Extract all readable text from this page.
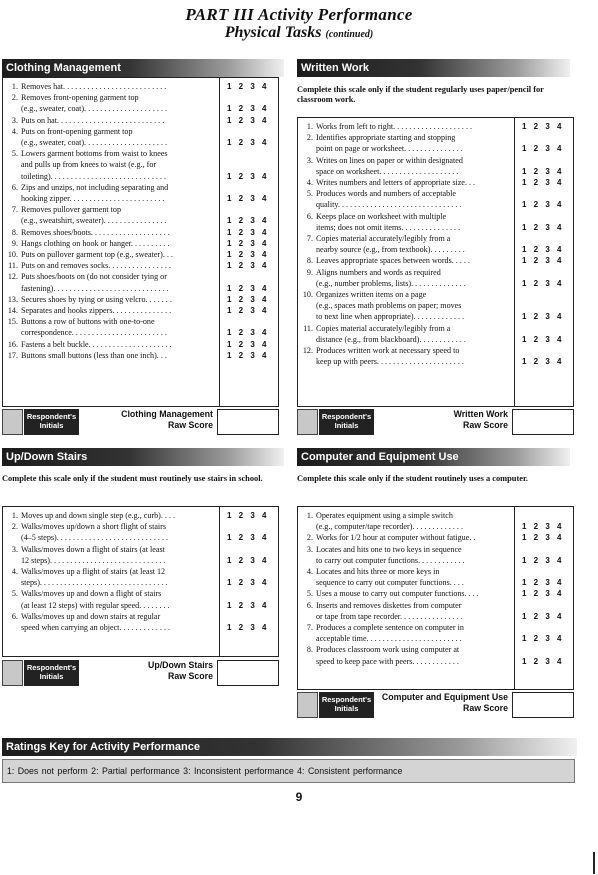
PART III Activity Performance
Physical Tasks (continued)
Clothing Management
1. Removes hat. . . . . . . . . . . . . . . . . . . . . . . . . .	1 2 3 4
2. Removes front-opening garment top
(e.g., sweater, coat). . . . . . . . . . . . . . . . . . . . .	1 2 3 4
3. Puts on hat. . . . . . . . . . . . . . . . . . . . . . . . . . .	1 2 3 4
4. Puts on front-opening garment top
(e.g., sweater, coat). . . . . . . . . . . . . . . . . . . . .	1 2 3 4
5. Lowers garment bottoms from waist to knees
and pulls up from knees to waist (e.g., for
toileting). . . . . . . . . . . . . . . . . . . . . . . . . . . . .	1 2 3 4
6. Zips and unzips, not including separating and
hooking zipper. . . . . . . . . . . . . . . . . . . . . . . .	1 2 3 4
7. Removes pullover garment top
(e.g., sweatshirt, sweater). . . . . . . . . . . . . . . .	1 2 3 4
8. Removes shoes/boots. . . . . . . . . . . . . . . . . . . .	1 2 3 4
9. Hangs clothing on hook or hanger. . . . . . . . . .	1 2 3 4
10. Puts on pullover garment top (e.g., sweater). . .	1 2 3 4
11. Puts on and removes socks. . . . . . . . . . . . . . . .	1 2 3 4
12. Puts shoes/boots on (do not consider tying or
fastening). . . . . . . . . . . . . . . . . . . . . . . . . . . . .	1 2 3 4
13. Secures shoes by tying or using velcro. . . . . . .	1 2 3 4
14. Separates and hooks zippers. . . . . . . . . . . . . . .	1 2 3 4
15. Buttons a row of buttons with one-to-one
correspondence. . . . . . . . . . . . . . . . . . . . . . . .	1 2 3 4
16. Fastens a belt buckle. . . . . . . . . . . . . . . . . . . . .	1 2 3 4
17. Buttons small buttons (less than one inch). . .	1 2 3 4
Respondent's
Initials
Clothing Management
Raw Score
Written Work
Complete this scale only if the student regularly uses paper/pencil for classroom work.
1. Works from left to right. . . . . . . . . . . . . . . . . . . .	1 2 3 4
2. Identifies appropriate starting and stopping
point on page or worksheet. . . . . . . . . . . . . . .	1 2 3 4
3. Writes on lines on paper or within designated
space on worksheet. . . . . . . . . . . . . . . . . . . .	1 2 3 4
4. Writes numbers and letters of appropriate size. . .	1 2 3 4
5. Produces words and numbers of acceptable
quality. . . . . . . . . . . . . . . . . . . . . . . . . . . . . . .	1 2 3 4
6. Keeps place on worksheet with multiple
items; does not omit items. . . . . . . . . . . . . . .	1 2 3 4
7. Copies material accurately/legibly from a
nearby source (e.g., from textbook). . . . . . . . .	1 2 3 4
8. Leaves appropriate spaces between words. . . . .	1 2 3 4
9. Aligns numbers and words as required
(e.g., number problems, lists). . . . . . . . . . . . . .	1 2 3 4
10. Organizes written items on a page
(e.g., spaces math problems on paper; moves
to next line when appropriate). . . . . . . . . . . . .	1 2 3 4
11. Copies material accurately/legibly from a
distance (e.g., from blackboard). . . . . . . . . . . .	1 2 3 4
12. Produces written work at necessary speed to
keep up with peers. . . . . . . . . . . . . . . . . . . . . .	1 2 3 4
Respondent's
Initials
Written Work
Raw Score
Up/Down Stairs
Complete this scale only if the student must routinely use stairs in school.
1. Moves up and down single step (e.g., curb). . . .	1 2 3 4
2. Walks/moves up/down a short flight of stairs
(4–5 steps). . . . . . . . . . . . . . . . . . . . . . . . . . . .	1 2 3 4
3. Walks/moves down a flight of stairs (at least
12 steps). . . . . . . . . . . . . . . . . . . . . . . . . . . . .	1 2 3 4
4. Walks/moves up a flight of stairs (at least 12
steps). . . . . . . . . . . . . . . . . . . . . . . . . . . . . . . .	1 2 3 4
5. Walks/moves up and down a flight of stairs
(at least 12 steps) with regular speed. . . . . . . .	1 2 3 4
6. Walks/moves up and down stairs at regular
speed when carrying an object. . . . . . . . . . . . .	1 2 3 4
Respondent's
Initials
Up/Down Stairs
Raw Score
Computer and Equipment Use
Complete this scale only if the student routinely uses a computer.
1. Operates equipment using a simple switch
(e.g., computer/tape recorder). . . . . . . . . . . . .	1 2 3 4
2. Works for 1/2 hour at computer without fatigue. .	1 2 3 4
3. Locates and hits one to two keys in sequence
to carry out computer functions. . . . . . . . . . . .	1 2 3 4
4. Locates and hits three or more keys in
sequence to carry out computer functions. . . .	1 2 3 4
5. Uses a mouse to carry out computer functions. . . .	1 2 3 4
6. Inserts and removes diskettes from computer
or tape from tape recorder. . . . . . . . . . . . . . . .	1 2 3 4
7. Produces a complete sentence on computer in
acceptable time. . . . . . . . . . . . . . . . . . . . . . . .	1 2 3 4
8. Produces classroom work using computer at
speed to keep pace with peers. . . . . . . . . . . .	1 2 3 4
Respondent's
Initials
Computer and Equipment Use
Raw Score
Ratings Key for Activity Performance
1: Does not perform 2: Partial performance 3: Inconsistent performance 4: Consistent performance
9
